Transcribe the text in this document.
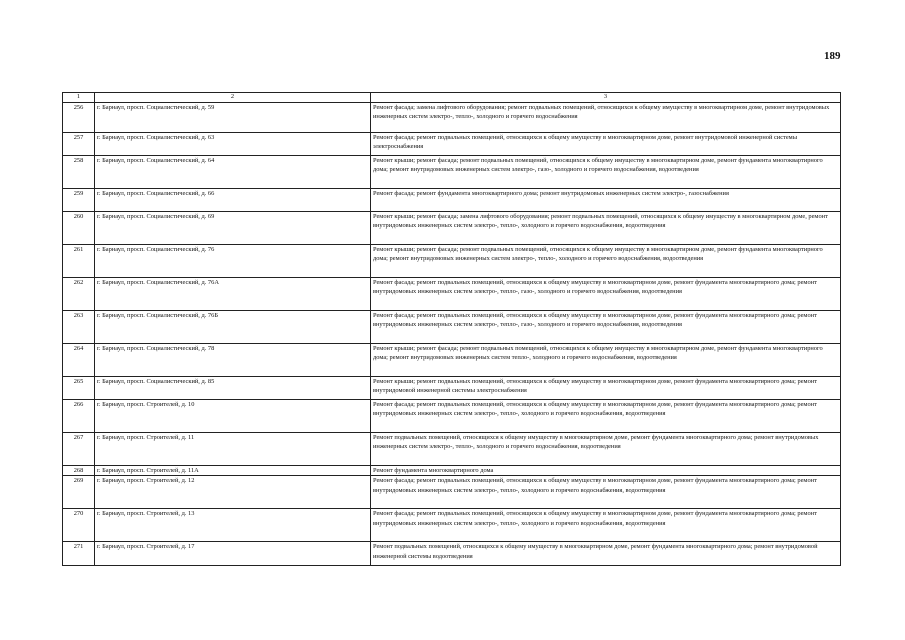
189
1	2	3
256	г. Барнаул, просп. Социалистический, д. 59	Ремонт фасада; замена лифтового оборудования; ремонт подвальных помещений, относящихся к общему имуществу в многоквартирном доме, ремонт внутридомовых инженерных систем электро-, тепло-, холодного и горячего водоснабжения
257	г. Барнаул, просп. Социалистический, д. 63	Ремонт фасада; ремонт подвальных помещений, относящихся к общему имуществу в многоквартирном доме, ремонт внутридомовой инженерной системы электроснабжения
258	г. Барнаул, просп. Социалистический, д. 64	Ремонт крыши; ремонт фасада; ремонт подвальных помещений, относящихся к общему имуществу в многоквартирном доме, ремонт фундамента многоквартирного дома; ремонт внутридомовых инженерных систем электро-, газо-, холодного и горячего водоснабжения, водоотведения
259	г. Барнаул, просп. Социалистический, д. 66	Ремонт фасада; ремонт фундамента многоквартирного дома; ремонт внутридомовых инженерных систем электро-, газоснабжения
260	г. Барнаул, просп. Социалистический, д. 69	Ремонт крыши; ремонт фасада; замена лифтового оборудования; ремонт подвальных помещений, относящихся к общему имуществу в многоквартирном доме, ремонт внутридомовых инженерных систем электро-, тепло-, холодного и горячего водоснабжения, водоотведения
261	г. Барнаул, просп. Социалистический, д. 76	Ремонт крыши; ремонт фасада; ремонт подвальных помещений, относящихся к общему имуществу в многоквартирном доме, ремонт фундамента многоквартирного дома; ремонт внутридомовых инженерных систем электро-, тепло-, холодного и горячего водоснабжения, водоотведения
262	г. Барнаул, просп. Социалистический, д. 76А	Ремонт фасада; ремонт подвальных помещений, относящихся к общему имуществу в многоквартирном доме, ремонт фундамента многоквартирного дома; ремонт внутридомовых инженерных систем электро-, тепло-, газо-, холодного и горячего водоснабжения, водоотведения
263	г. Барнаул, просп. Социалистический, д. 76Б	Ремонт фасада; ремонт подвальных помещений, относящихся к общему имуществу в многоквартирном доме, ремонт фундамента многоквартирного дома; ремонт внутридомовых инженерных систем электро-, тепло-, газо-, холодного и горячего водоснабжения, водоотведения
264	г. Барнаул, просп. Социалистический, д. 78	Ремонт крыши; ремонт фасада; ремонт подвальных помещений, относящихся к общему имуществу в многоквартирном доме, ремонт фундамента многоквартирного дома; ремонт внутридомовых инженерных систем тепло-, холодного и горячего водоснабжения, водоотведения
265	г. Барнаул, просп. Социалистический, д. 85	Ремонт крыши; ремонт подвальных помещений, относящихся к общему имуществу в многоквартирном доме, ремонт фундамента многоквартирного дома; ремонт внутридомовой инженерной системы электроснабжения
266	г. Барнаул, просп. Строителей, д. 10	Ремонт фасада; ремонт подвальных помещений, относящихся к общему имуществу в многоквартирном доме, ремонт фундамента многоквартирного дома; ремонт внутридомовых инженерных систем электро-, тепло-, холодного и горячего водоснабжения, водоотведения
267	г. Барнаул, просп. Строителей, д. 11	Ремонт подвальных помещений, относящихся к общему имуществу в многоквартирном доме, ремонт фундамента многоквартирного дома; ремонт внутридомовых инженерных систем электро-, тепло-, холодного и горячего водоснабжения, водоотведения
268	г. Барнаул, просп. Строителей, д. 11А	Ремонт фундамента многоквартирного дома
269	г. Барнаул, просп. Строителей, д. 12	Ремонт фасада; ремонт подвальных помещений, относящихся к общему имуществу в многоквартирном доме, ремонт фундамента многоквартирного дома; ремонт внутридомовых инженерных систем электро-, тепло-, холодного и горячего водоснабжения, водоотведения
270	г. Барнаул, просп. Строителей, д. 13	Ремонт фасада; ремонт подвальных помещений, относящихся к общему имуществу в многоквартирном доме, ремонт фундамента многоквартирного дома; ремонт внутридомовых инженерных систем электро-, тепло-, холодного и горячего водоснабжения, водоотведения
271	г. Барнаул, просп. Строителей, д. 17	Ремонт подвальных помещений, относящихся к общему имуществу в многоквартирном доме, ремонт фундамента многоквартирного дома; ремонт внутридомовой инженерной системы водоотведения
